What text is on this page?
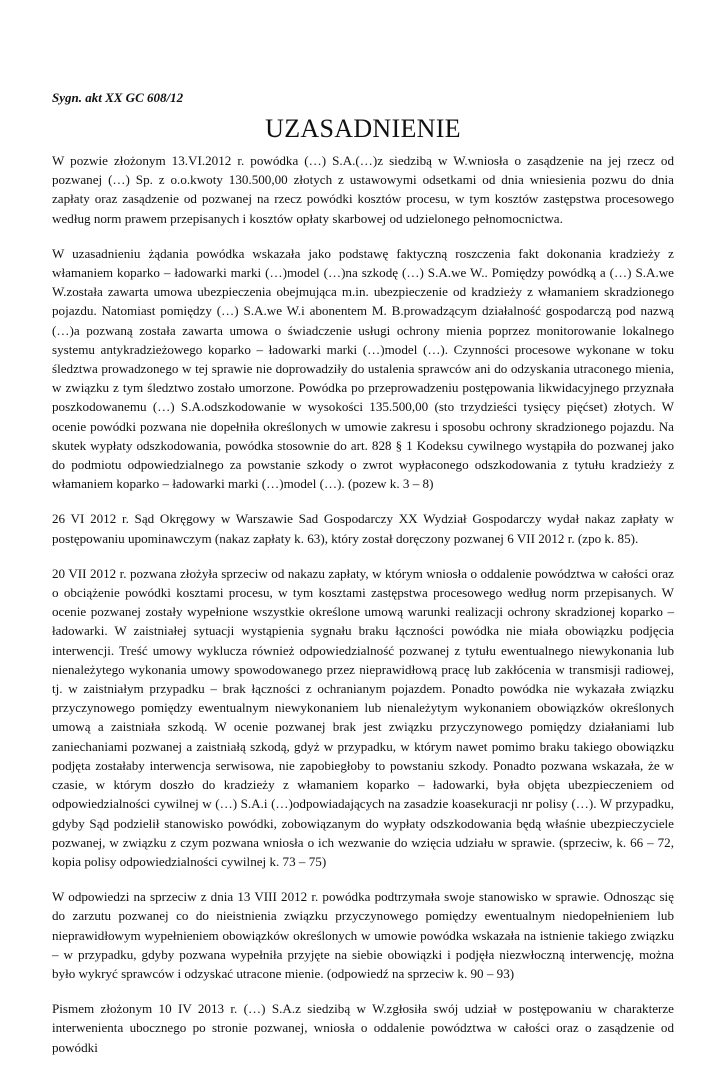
Sygn. akt XX GC 608/12

UZASADNIENIE

W pozwie złożonym 13.VI.2012 r. powódka (…) S.A.(…)z siedzibą w W.wniosła o zasądzenie na jej rzecz od pozwanej (…) Sp. z o.o.kwoty 130.500,00 złotych z ustawowymi odsetkami od dnia wniesienia pozwu do dnia zapłaty oraz zasądzenie od pozwanej na rzecz powódki kosztów procesu, w tym kosztów zastępstwa procesowego według norm prawem przepisanych i kosztów opłaty skarbowej od udzielonego pełnomocnictwa.

W uzasadnieniu żądania powódka wskazała jako podstawę faktyczną roszczenia fakt dokonania kradzieży z włamaniem koparko – ładowarki marki (…)model (…)na szkodę (…) S.A.we W.. Pomiędzy powódką a (…) S.A.we W.została zawarta umowa ubezpieczenia obejmująca m.in. ubezpieczenie od kradzieży z włamaniem skradzionego pojazdu. Natomiast pomiędzy (…) S.A.we W.i abonentem M. B.prowadzącym działalność gospodarczą pod nazwą (…)a pozwaną została zawarta umowa o świadczenie usługi ochrony mienia poprzez monitorowanie lokalnego systemu antykradzieżowego koparko – ładowarki marki (…)model (…). Czynności procesowe wykonane w toku śledztwa prowadzonego w tej sprawie nie doprowadziły do ustalenia sprawców ani do odzyskania utraconego mienia, w związku z tym śledztwo zostało umorzone. Powódka po przeprowadzeniu postępowania likwidacyjnego przyznała poszkodowanemu (…) S.A.odszkodowanie w wysokości 135.500,00 (sto trzydzieści tysięcy pięćset) złotych. W ocenie powódki pozwana nie dopełniła określonych w umowie zakresu i sposobu ochrony skradzionego pojazdu. Na skutek wypłaty odszkodowania, powódka stosownie do art. 828 § 1 Kodeksu cywilnego wystąpiła do pozwanej jako do podmiotu odpowiedzialnego za powstanie szkody o zwrot wypłaconego odszkodowania z tytułu kradzieży z włamaniem koparko – ładowarki marki (…)model (…). (pozew k. 3 – 8)

26 VI 2012 r. Sąd Okręgowy w Warszawie Sad Gospodarczy XX Wydział Gospodarczy wydał nakaz zapłaty w postępowaniu upominawczym (nakaz zapłaty k. 63), który został doręczony pozwanej 6 VII 2012 r. (zpo k. 85).

20 VII 2012 r. pozwana złożyła sprzeciw od nakazu zapłaty, w którym wniosła o oddalenie powództwa w całości oraz o obciążenie powódki kosztami procesu, w tym kosztami zastępstwa procesowego według norm przepisanych. W ocenie pozwanej zostały wypełnione wszystkie określone umową warunki realizacji ochrony skradzionej koparko – ładowarki. W zaistniałej sytuacji wystąpienia sygnału braku łączności powódka nie miała obowiązku podjęcia interwencji. Treść umowy wyklucza również odpowiedzialność pozwanej z tytułu ewentualnego niewykonania lub nienależytego wykonania umowy spowodowanego przez nieprawidłową pracę lub zakłócenia w transmisji radiowej, tj. w zaistniałym przypadku – brak łączności z ochranianym pojazdem. Ponadto powódka nie wykazała związku przyczynowego pomiędzy ewentualnym niewykonaniem lub nienależytym wykonaniem obowiązków określonych umową a zaistniała szkodą. W ocenie pozwanej brak jest związku przyczynowego pomiędzy działaniami lub zaniechaniami pozwanej a zaistniałą szkodą, gdyż w przypadku, w którym nawet pomimo braku takiego obowiązku podjęta zostałaby interwencja serwisowa, nie zapobiegłoby to powstaniu szkody. Ponadto pozwana wskazała, że w czasie, w którym doszło do kradzieży z włamaniem koparko – ładowarki, była objęta ubezpieczeniem od odpowiedzialności cywilnej w (…) S.A.i (…)odpowiadających na zasadzie koasekuracji nr polisy (…). W przypadku, gdyby Sąd podzielił stanowisko powódki, zobowiązanym do wypłaty odszkodowania będą właśnie ubezpieczyciele pozwanej, w związku z czym pozwana wniosła o ich wezwanie do wzięcia udziału w sprawie. (sprzeciw, k. 66 – 72, kopia polisy odpowiedzialności cywilnej k. 73 – 75)

W odpowiedzi na sprzeciw z dnia 13 VIII 2012 r. powódka podtrzymała swoje stanowisko w sprawie. Odnosząc się do zarzutu pozwanej co do nieistnienia związku przyczynowego pomiędzy ewentualnym niedopełnieniem lub nieprawidłowym wypełnieniem obowiązków określonych w umowie powódka wskazała na istnienie takiego związku – w przypadku, gdyby pozwana wypełniła przyjęte na siebie obowiązki i podjęła niezwłoczną interwencję, można było wykryć sprawców i odzyskać utracone mienie. (odpowiedź na sprzeciw k. 90 – 93)

Pismem złożonym 10 IV 2013 r. (…) S.A.z siedzibą w W.zgłosiła swój udział w postępowaniu w charakterze interwenienta ubocznego po stronie pozwanej, wniosła o oddalenie powództwa w całości oraz o zasądzenie od powódki
